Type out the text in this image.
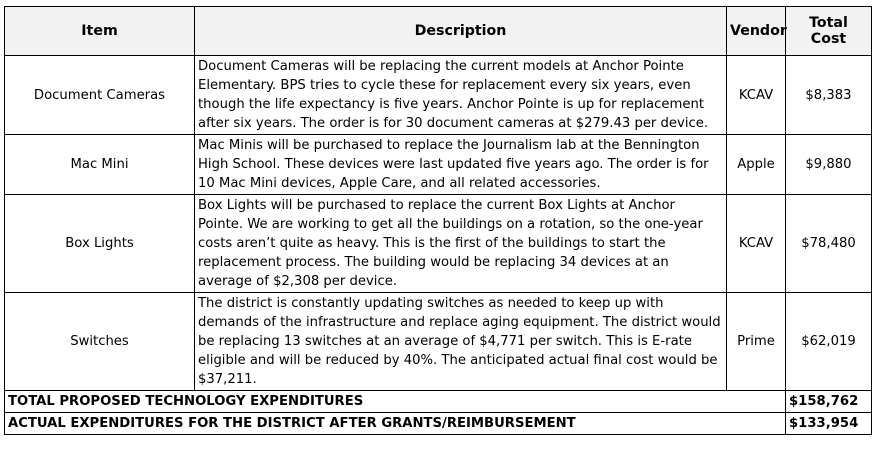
Item	Description	Vendor	Total Cost
Document Cameras	Document Cameras will be replacing the current models at Anchor Pointe Elementary. BPS tries to cycle these for replacement every six years, even though the life expectancy is five years. Anchor Pointe is up for replacement after six years. The order is for 30 document cameras at $279.43 per device.	KCAV	$8,383
Mac Mini	Mac Minis will be purchased to replace the Journalism lab at the Bennington High School. These devices were last updated five years ago. The order is for 10 Mac Mini devices, Apple Care, and all related accessories.	Apple	$9,880
Box Lights	Box Lights will be purchased to replace the current Box Lights at Anchor Pointe. We are working to get all the buildings on a rotation, so the one-year costs aren’t quite as heavy. This is the first of the buildings to start the replacement process. The building would be replacing 34 devices at an average of $2,308 per device.	KCAV	$78,480
Switches	The district is constantly updating switches as needed to keep up with demands of the infrastructure and replace aging equipment. The district would be replacing 13 switches at an average of $4,771 per switch. This is E-rate eligible and will be reduced by 40%. The anticipated actual final cost would be $37,211.	Prime	$62,019
TOTAL PROPOSED TECHNOLOGY EXPENDITURES			$158,762
ACTUAL EXPENDITURES FOR THE DISTRICT AFTER GRANTS/REIMBURSEMENT			$133,954
